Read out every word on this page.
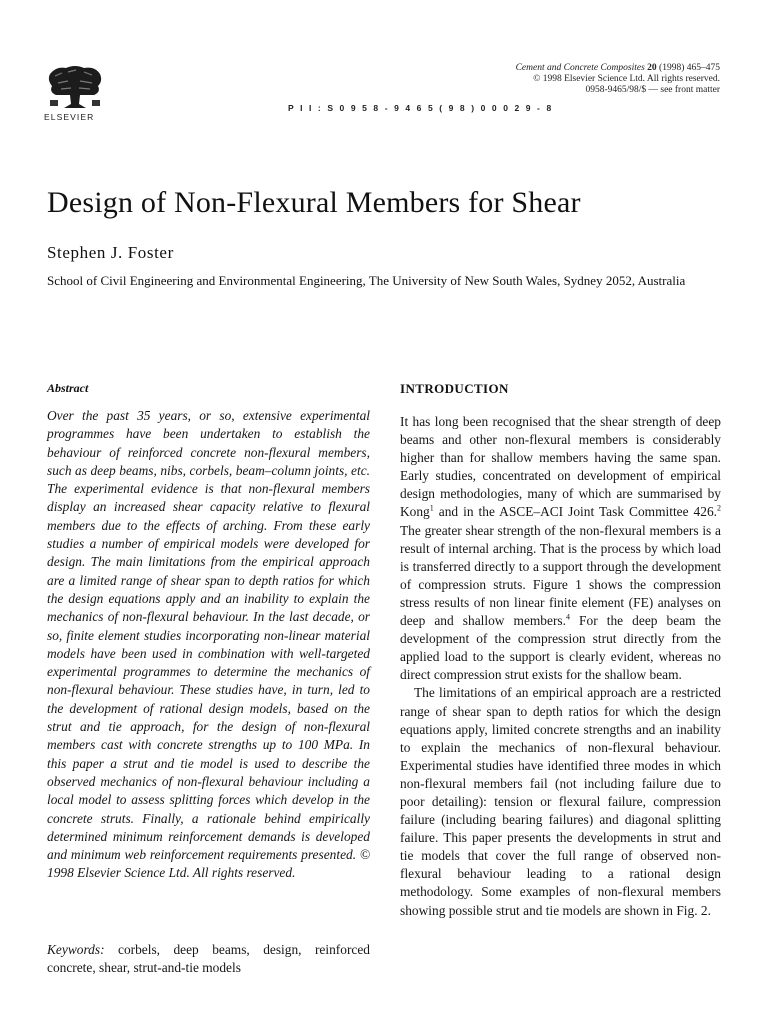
ELSEVIER
Cement and Concrete Composites 20 (1998) 465–475
© 1998 Elsevier Science Ltd. All rights reserved.
0958-9465/98/$ — see front matter
P I I : S 0 9 5 8 - 9 4 6 5 ( 9 8 ) 0 0 0 2 9 - 8
Design of Non-Flexural Members for Shear
Stephen J. Foster
School of Civil Engineering and Environmental Engineering, The University of New South Wales, Sydney 2052, Australia
Abstract

Over the past 35 years, or so, extensive experimental programmes have been undertaken to establish the behaviour of reinforced concrete non-flexural members, such as deep beams, nibs, corbels, beam–column joints, etc. The experimental evidence is that non-flexural members display an increased shear capacity relative to flexural members due to the effects of arching. From these early studies a number of empirical models were developed for design. The main limitations from the empirical approach are a limited range of shear span to depth ratios for which the design equations apply and an inability to explain the mechanics of non-flexural behaviour. In the last decade, or so, finite element studies incorporating non-linear material models have been used in combination with well-targeted experimental programmes to determine the mechanics of non-flexural behaviour. These studies have, in turn, led to the development of rational design models, based on the strut and tie approach, for the design of non-flexural members cast with concrete strengths up to 100 MPa. In this paper a strut and tie model is used to describe the observed mechanics of non-flexural behaviour including a local model to assess splitting forces which develop in the concrete struts. Finally, a rationale behind empirically determined minimum reinforcement demands is developed and minimum web reinforcement requirements presented. © 1998 Elsevier Science Ltd. All rights reserved.

Keywords: corbels, deep beams, design, reinforced concrete, shear, strut-and-tie models

INTRODUCTION

It has long been recognised that the shear strength of deep beams and other non-flexural members is considerably higher than for shallow members having the same span. Early studies, concentrated on development of empirical design methodologies, many of which are summarised by Kong$^1$ and in the ASCE–ACI Joint Task Committee 426.$^2$ The greater shear strength of the non-flexural members is a result of internal arching. That is the process by which load is transferred directly to a support through the development of compression struts. Figure 1 shows the compression stress results of non linear finite element (FE) analyses on deep and shallow members.$^4$ For the deep beam the development of the compression strut directly from the applied load to the support is clearly evident, whereas no direct compression strut exists for the shallow beam.
The limitations of an empirical approach are a restricted range of shear span to depth ratios for which the design equations apply, limited concrete strengths and an inability to explain the mechanics of non-flexural behaviour. Experimental studies have identified three modes in which non-flexural members fail (not including failure due to poor detailing): tension or flexural failure, compression failure (including bearing failures) and diagonal splitting failure. This paper presents the developments in strut and tie models that cover the full range of observed non-flexural behaviour leading to a rational design methodology. Some examples of non-flexural members showing possible strut and tie models are shown in Fig. 2.
